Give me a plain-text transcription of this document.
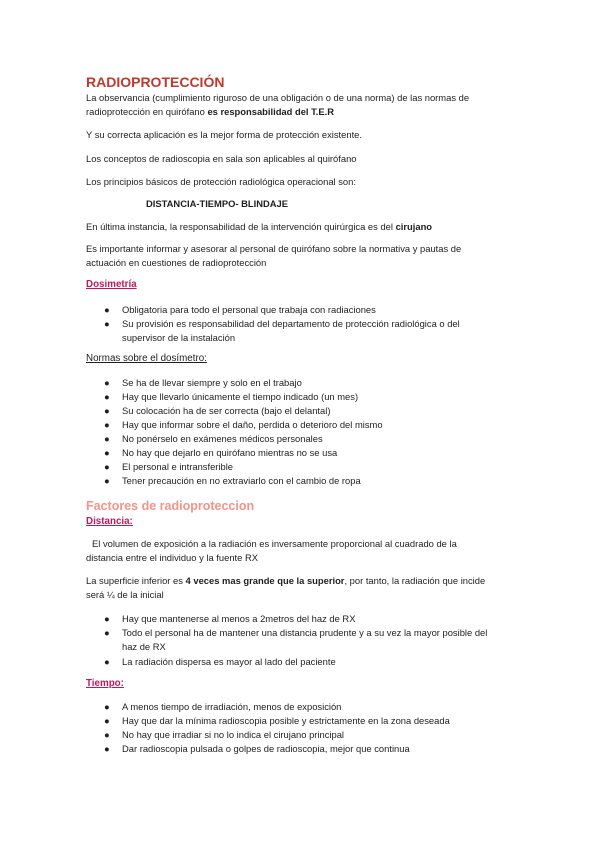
RADIOPROTECCIÓN
La observancia (cumplimiento riguroso de una obligación o de una norma) de las normas de
radioprotección en quirófano es responsabilidad del T.E.R
Y su correcta aplicación es la mejor forma de protección existente.
Los conceptos de radioscopia en sala son aplicables al quirófano
Los principios básicos de protección radiológica operacional son:
DISTANCIA-TIEMPO- BLINDAJE
En última instancia, la responsabilidad de la intervención quirúrgica es del cirujano
Es importante informar y asesorar al personal de quirófano sobre la normativa y pautas de
actuación en cuestiones de radioprotección
Dosimetría
● Obligatoria para todo el personal que trabaja con radiaciones
● Su provisión es responsabilidad del departamento de protección radiológica o del
supervisor de la instalación
Normas sobre el dosímetro:
● Se ha de llevar siempre y solo en el trabajo
● Hay que llevarlo únicamente el tiempo indicado (un mes)
● Su colocación ha de ser correcta (bajo el delantal)
● Hay que informar sobre el daño, perdida o deterioro del mismo
● No ponérselo en exámenes médicos personales
● No hay que dejarlo en quirófano mientras no se usa
● El personal e intransferible
● Tener precaución en no extraviarlo con el cambio de ropa
Factores de radioproteccion
Distancia:
El volumen de exposición a la radiación es inversamente proporcional al cuadrado de la
distancia entre el individuo y la fuente RX
La superficie inferior es 4 veces mas grande que la superior, por tanto, la radiación que incide
será ¼ de la inicial
● Hay que mantenerse al menos a 2metros del haz de RX
● Todo el personal ha de mantener una distancia prudente y a su vez la mayor posible del
haz de RX
● La radiación dispersa es mayor al lado del paciente
Tiempo:
● A menos tiempo de irradiación, menos de exposición
● Hay que dar la mínima radioscopia posible y estrictamente en la zona deseada
● No hay que irradiar si no lo indica el cirujano principal
● Dar radioscopia pulsada o golpes de radioscopia, mejor que continua
